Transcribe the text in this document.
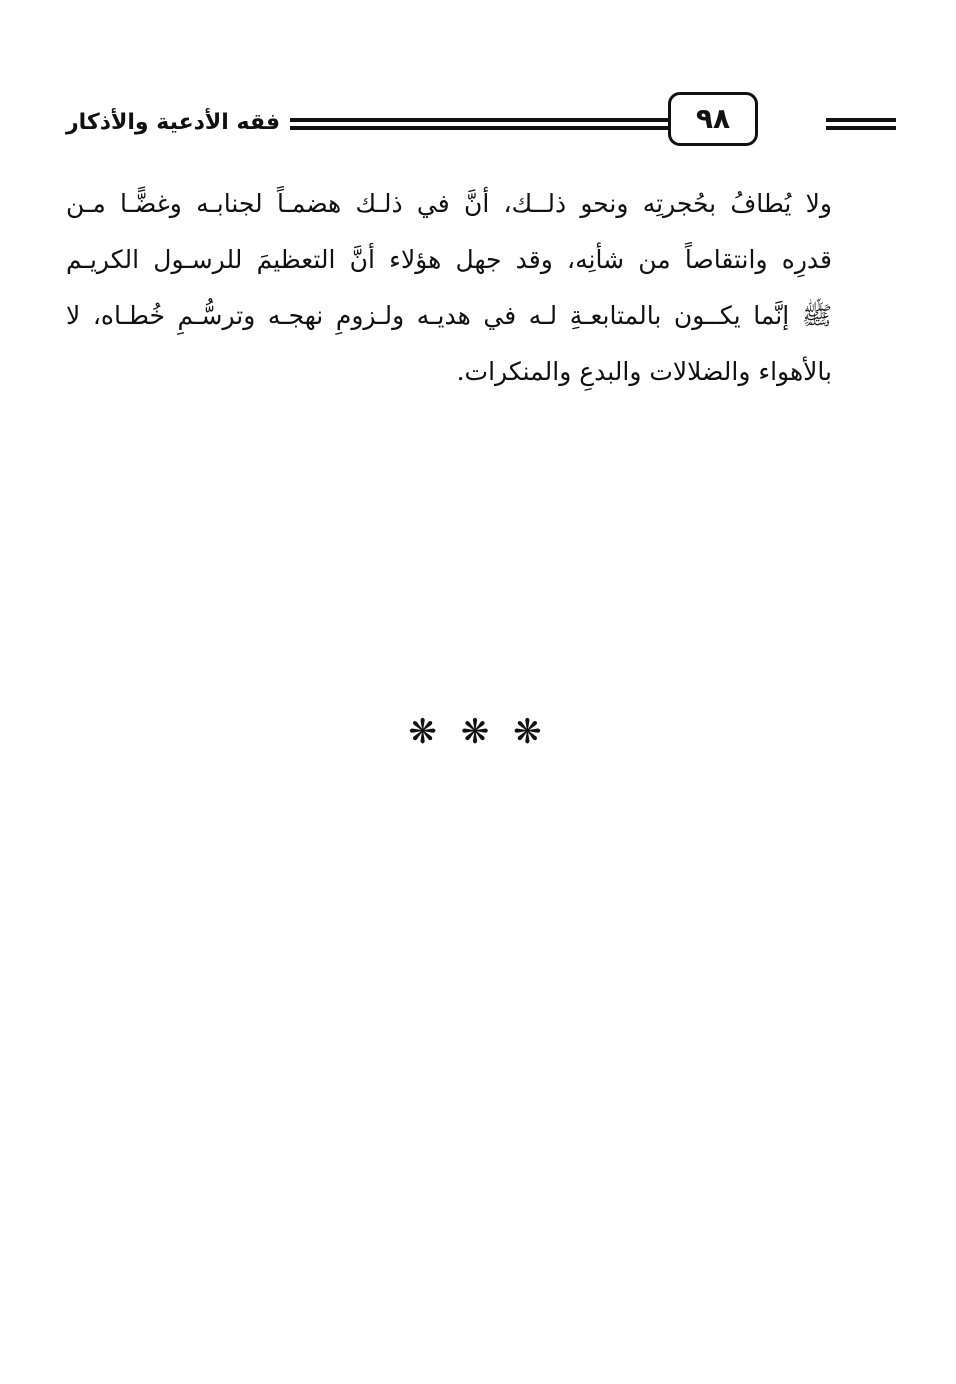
فقه الأدعية والأذكار	٩٨
ولا يُطافُ بحُجرتِه ونحو ذلــك، أنَّ في ذلـك هضمـاً لجنابـه وغضًّـا مـن
قدرِه وانتقاصاً من شأنِه، وقد جهل هؤلاء أنَّ التعظيمَ للرسـول الكريـم
ﷺ إنَّما يكــون بالمتابعـةِ لـه في هديـه ولـزومِ نهجـه وترسُّـمِ خُطـاه، لا
بالأهواء والضلالات والبدعِ والمنكرات.
❋ ❋ ❋
